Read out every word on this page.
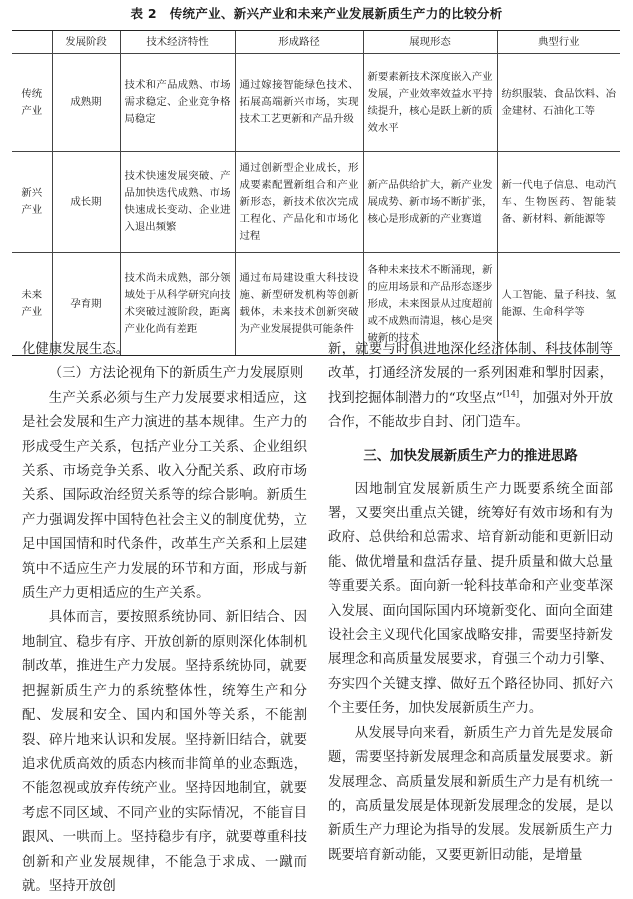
表 2　传统产业、新兴产业和未来产业发展新质生产力的比较分析
	发展阶段	技术经济特性	形成路径	展现形态	典型行业

传统产业	成熟期	技术和产品成熟、市场需求稳定、企业竞争格局稳定	通过嫁接智能绿色技术、拓展高端新兴市场，实现技术工艺更新和产品升级	新要素新技术深度嵌入产业发展，产业效率效益水平持续提升，核心是跃上新的质效水平	纺织服装、食品饮料、冶金建材、石油化工等

新兴产业	成长期	技术快速发展突破、产品加快迭代成熟、市场快速成长变动、企业进入退出频繁	通过创新型企业成长，形成要素配置新组合和产业新形态，新技术依次完成工程化、产品化和市场化过程	新产品供给扩大，新产业发展成势、新市场不断扩张，核心是形成新的产业赛道	新一代电子信息、电动汽车、生物医药、智能装备、新材料、新能源等

未来产业	孕育期	技术尚未成熟，部分领域处于从科学研究向技术突破过渡阶段，距离产业化尚有差距	通过布局建设重大科技设施、新型研发机构等创新载体，未来技术创新突破为产业发展提供可能条件	各种未来技术不断涌现，新的应用场景和产品形态逐步形成，未来图景从过度超前或不成熟而清退，核心是突破新的技术	人工智能、量子科技、氢能源、生命科学等

化健康发展生态。

（三）方法论视角下的新质生产力发展原则

生产关系必须与生产力发展要求相适应，这是社会发展和生产力演进的基本规律。生产力的形成受生产关系，包括产业分工关系、企业组织关系、市场竞争关系、收入分配关系、政府市场关系、国际政治经贸关系等的综合影响。新质生产力强调发挥中国特色社会主义的制度优势，立足中国国情和时代条件，改革生产关系和上层建筑中不适应生产力发展的环节和方面，形成与新质生产力更相适应的生产关系。

具体而言，要按照系统协同、新旧结合、因地制宜、稳步有序、开放创新的原则深化体制机制改革，推进生产力发展。坚持系统协同，就要把握新质生产力的系统整体性，统筹生产和分配、发展和安全、国内和国外等关系，不能割裂、碎片地来认识和发展。坚持新旧结合，就要追求优质高效的质态内核而非简单的业态甄选，不能忽视或放弃传统产业。坚持因地制宜，就要考虑不同区域、不同产业的实际情况，不能盲目跟风、一哄而上。坚持稳步有序，就要尊重科技创新和产业发展规律，不能急于求成、一蹴而就。坚持开放创

新，就要与时俱进地深化经济体制、科技体制等改革，打通经济发展的一系列困难和掣肘因素，找到挖掘体制潜力的“攻坚点”[14]，加强对外开放合作，不能故步自封、闭门造车。

三、加快发展新质生产力的推进思路

因地制宜发展新质生产力既要系统全面部署，又要突出重点关键，统筹好有效市场和有为政府、总供给和总需求、培育新动能和更新旧动能、做优增量和盘活存量、提升质量和做大总量等重要关系。面向新一轮科技革命和产业变革深入发展、面向国际国内环境新变化、面向全面建设社会主义现代化国家战略安排，需要坚持新发展理念和高质量发展要求，育强三个动力引擎、夯实四个关键支撑、做好五个路径协同、抓好六个主要任务，加快发展新质生产力。

从发展导向来看，新质生产力首先是发展命题，需要坚持新发展理念和高质量发展要求。新发展理念、高质量发展和新质生产力是有机统一的，高质量发展是体现新发展理念的发展，是以新质生产力理论为指导的发展。发展新质生产力既要培育新动能，又要更新旧动能，是增量
